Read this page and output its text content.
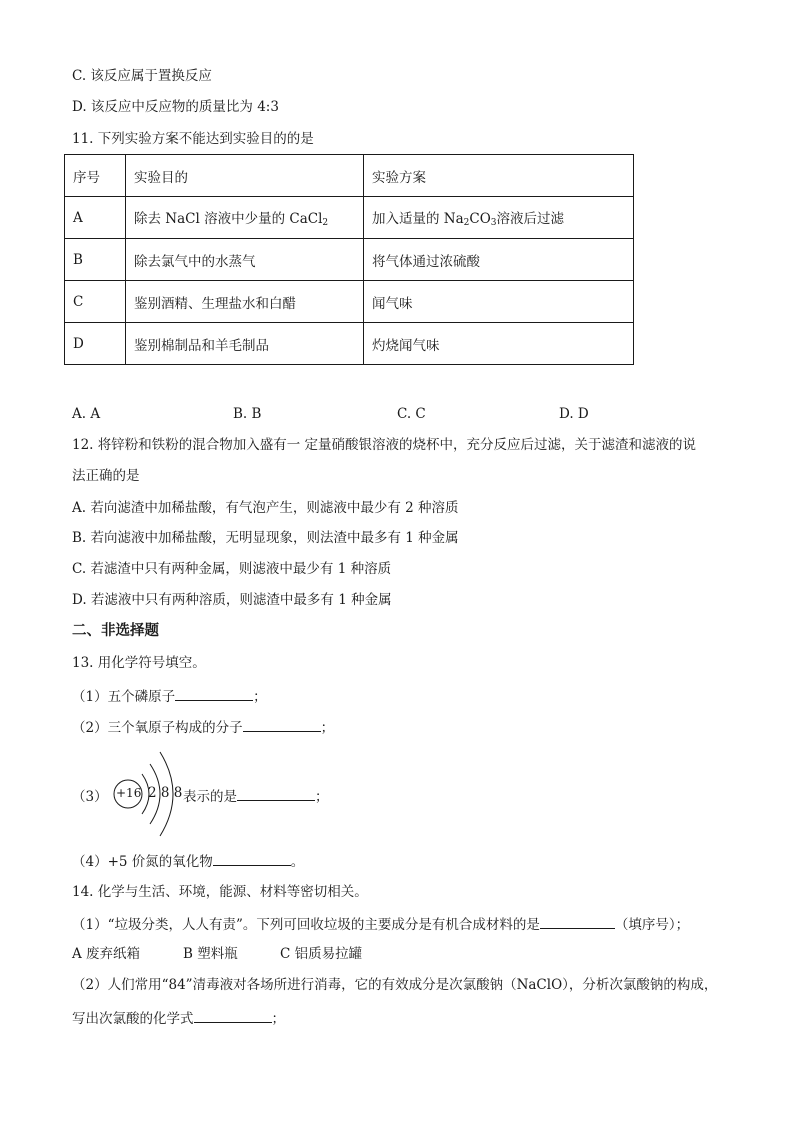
C. 该反应属于置换反应
D. 该反应中反应物的质量比为 4:3
11. 下列实验方案不能达到实验目的的是
序号	实验目的	实验方案
A	除去 NaCl 溶液中少量的 CaCl$_2$	加入适量的 $Na_2CO_3$溶液后过滤
B	除去氯气中的水蒸气	将气体通过浓硫酸
C	鉴别酒精、生理盐水和白醋	闻气味
D	鉴别棉制品和羊毛制品	灼烧闻气味
A. A	B. B	C. C	D. D
12. 将锌粉和铁粉的混合物加入盛有一 定量硝酸银溶液的烧杯中，充分反应后过滤，关于滤渣和滤液的说
法正确的是
A. 若向滤渣中加稀盐酸，有气泡产生，则滤液中最少有 2 种溶质
B. 若向滤液中加稀盐酸，无明显现象，则法渣中最多有 1 种金属
C. 若滤渣中只有两种金属，则滤液中最少有 1 种溶质
D. 若滤液中只有两种溶质，则滤渣中最多有 1 种金属
二、非选择题
13. 用化学符号填空。
（1）五个磷原子	；
（2）三个氧原子构成的分子	；
（3） +16 2 8 8 表示的是	；
（4）+5 价氮的氧化物	。
14. 化学与生活、环境，能源、材料等密切相关。
（1）“垃圾分类，人人有责”。下列可回收垃圾的主要成分是有机合成材料的是	（填序号）；
A 废弃纸箱	B 塑料瓶	C 铝质易拉罐
（2）人们常用“84”清毒液对各场所进行消毒，它的有效成分是次氯酸钠（NaClO），分析次氯酸钠的构成，
写出次氯酸的化学式	；
